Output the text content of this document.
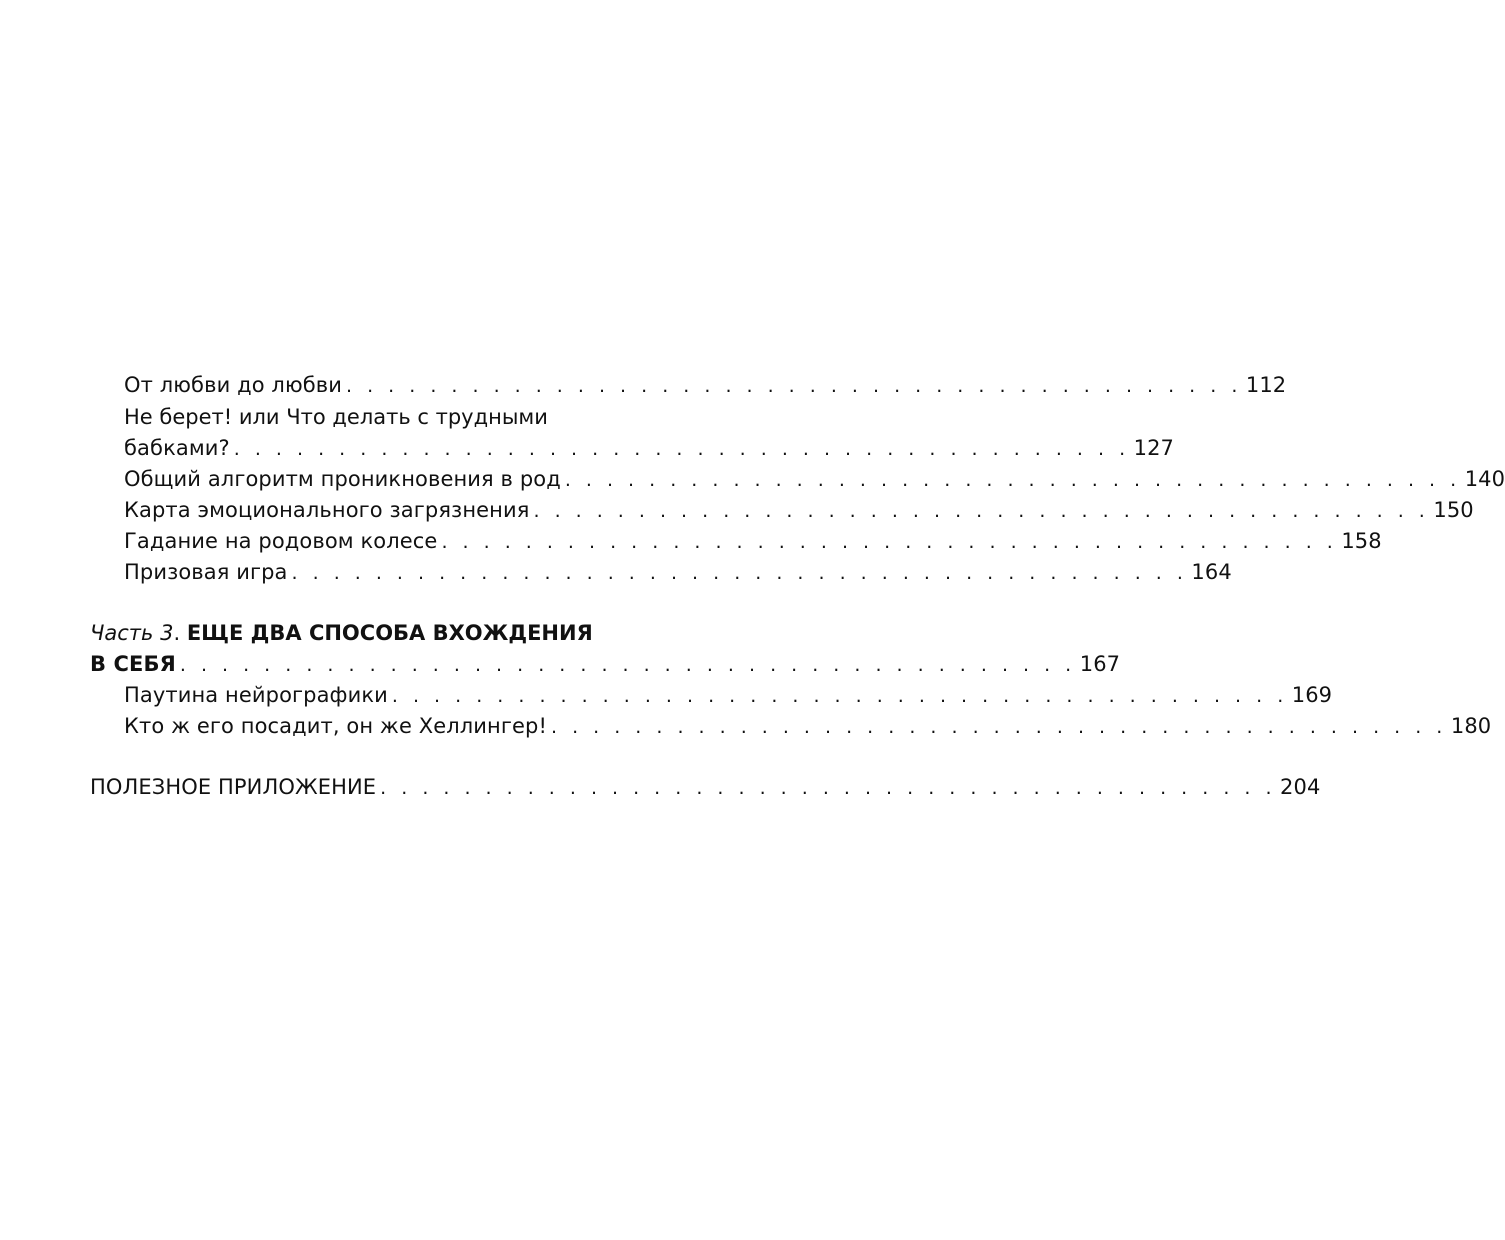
От любви до любви . . . . . . . . . . . . . . . . . . . . . . . . . . . . . . . . . . . . . . . . . . . 112
Не берет! или Что делать с трудными
бабками? . . . . . . . . . . . . . . . . . . . . . . . . . . . . . . . . . . . . . . . . . . . 127
Общий алгоритм проникновения в род . . . . . . . . . . . . . . . . . . . . . . . . . . . . . . . . . . . . . . . . . . . 140
Карта эмоционального загрязнения . . . . . . . . . . . . . . . . . . . . . . . . . . . . . . . . . . . . . . . . . . . 150
Гадание на родовом колесе . . . . . . . . . . . . . . . . . . . . . . . . . . . . . . . . . . . . . . . . . . . 158
Призовая игра . . . . . . . . . . . . . . . . . . . . . . . . . . . . . . . . . . . . . . . . . . . 164
Часть 3. ЕЩЕ ДВА СПОСОБА ВХОЖДЕНИЯ
В СЕБЯ . . . . . . . . . . . . . . . . . . . . . . . . . . . . . . . . . . . . . . . . . . . 167
Паутина нейрографики . . . . . . . . . . . . . . . . . . . . . . . . . . . . . . . . . . . . . . . . . . . 169
Кто ж его посадит, он же Хеллингер! . . . . . . . . . . . . . . . . . . . . . . . . . . . . . . . . . . . . . . . . . . . 180
ПОЛЕЗНОЕ ПРИЛОЖЕНИЕ . . . . . . . . . . . . . . . . . . . . . . . . . . . . . . . . . . . . . . . . . . . 204
